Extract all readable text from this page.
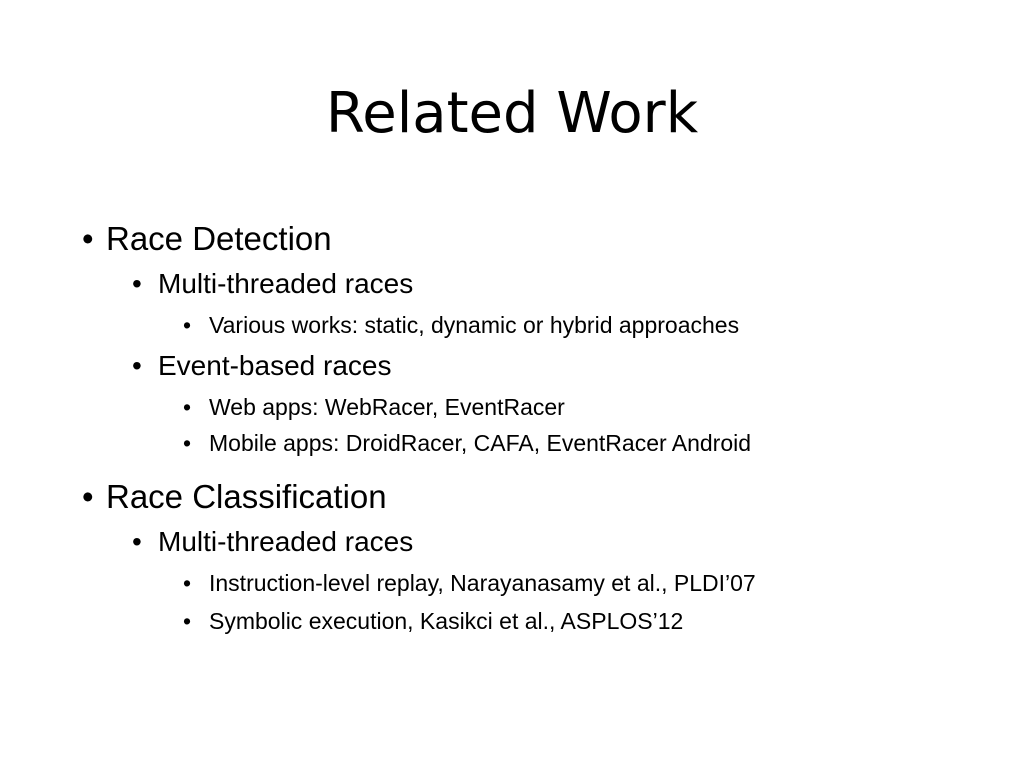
Related Work
• Race Detection
• Multi-threaded races
• Various works: static, dynamic or hybrid approaches
• Event-based races
• Web apps: WebRacer, EventRacer
• Mobile apps: DroidRacer, CAFA, EventRacer Android
• Race Classification
• Multi-threaded races
• Instruction-level replay, Narayanasamy et al., PLDI’07
• Symbolic execution, Kasikci et al., ASPLOS’12
